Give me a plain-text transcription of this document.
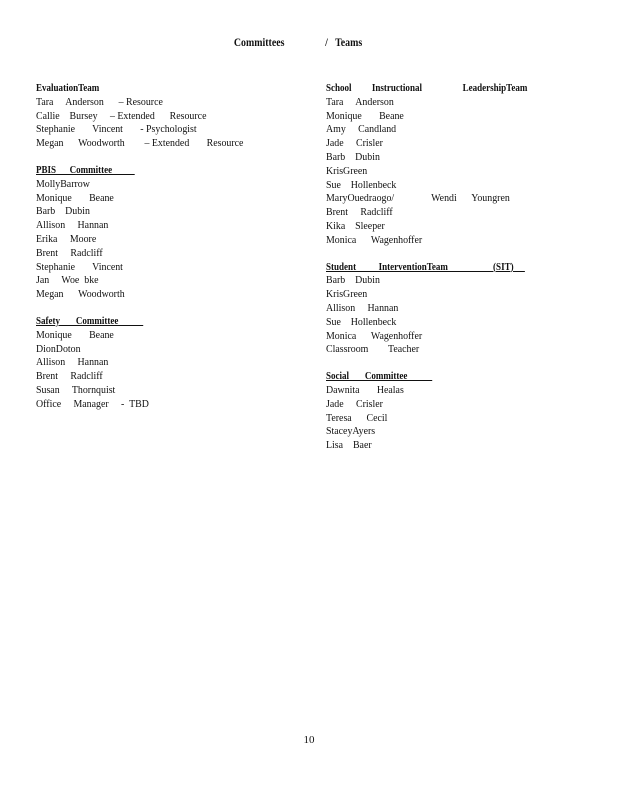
Committees	/   Teams
EvaluationTeam
Tara     Anderson      – Resource
Callie    Bursey     – Extended      Resource
Stephanie       Vincent       - Psychologist
Megan      Woodworth        – Extended       Resource
PBIS      Committee
MollyBarrow
Monique       Beane
Barb    Dubin
Allison     Hannan
Erika     Moore
Brent     Radcliff
Stephanie       Vincent
Jan     Woe  bke
Megan      Woodworth
Safety       Committee
Monique       Beane
DionDoton
Allison     Hannan
Brent     Radcliff
Susan     Thornquist
Office     Manager     -  TBD
School         Instructional                  LeadershipTeam
Tara     Anderson
Monique       Beane
Amy     Candland
Jade     Crisler
Barb    Dubin
KrisGreen
Sue    Hollenbeck
MaryOuedraogo/               Wendi      Youngren
Brent     Radcliff
Kika    Sleeper
Monica      Wagenhoffer
Student          InterventionTeam                    (SIT)
Barb    Dubin
KrisGreen
Allison     Hannan
Sue    Hollenbeck
Monica      Wagenhoffer
Classroom        Teacher
Social       Committee
Dawnita       Healas
Jade     Crisler
Teresa      Cecil
StaceyAyers
Lisa    Baer
10
